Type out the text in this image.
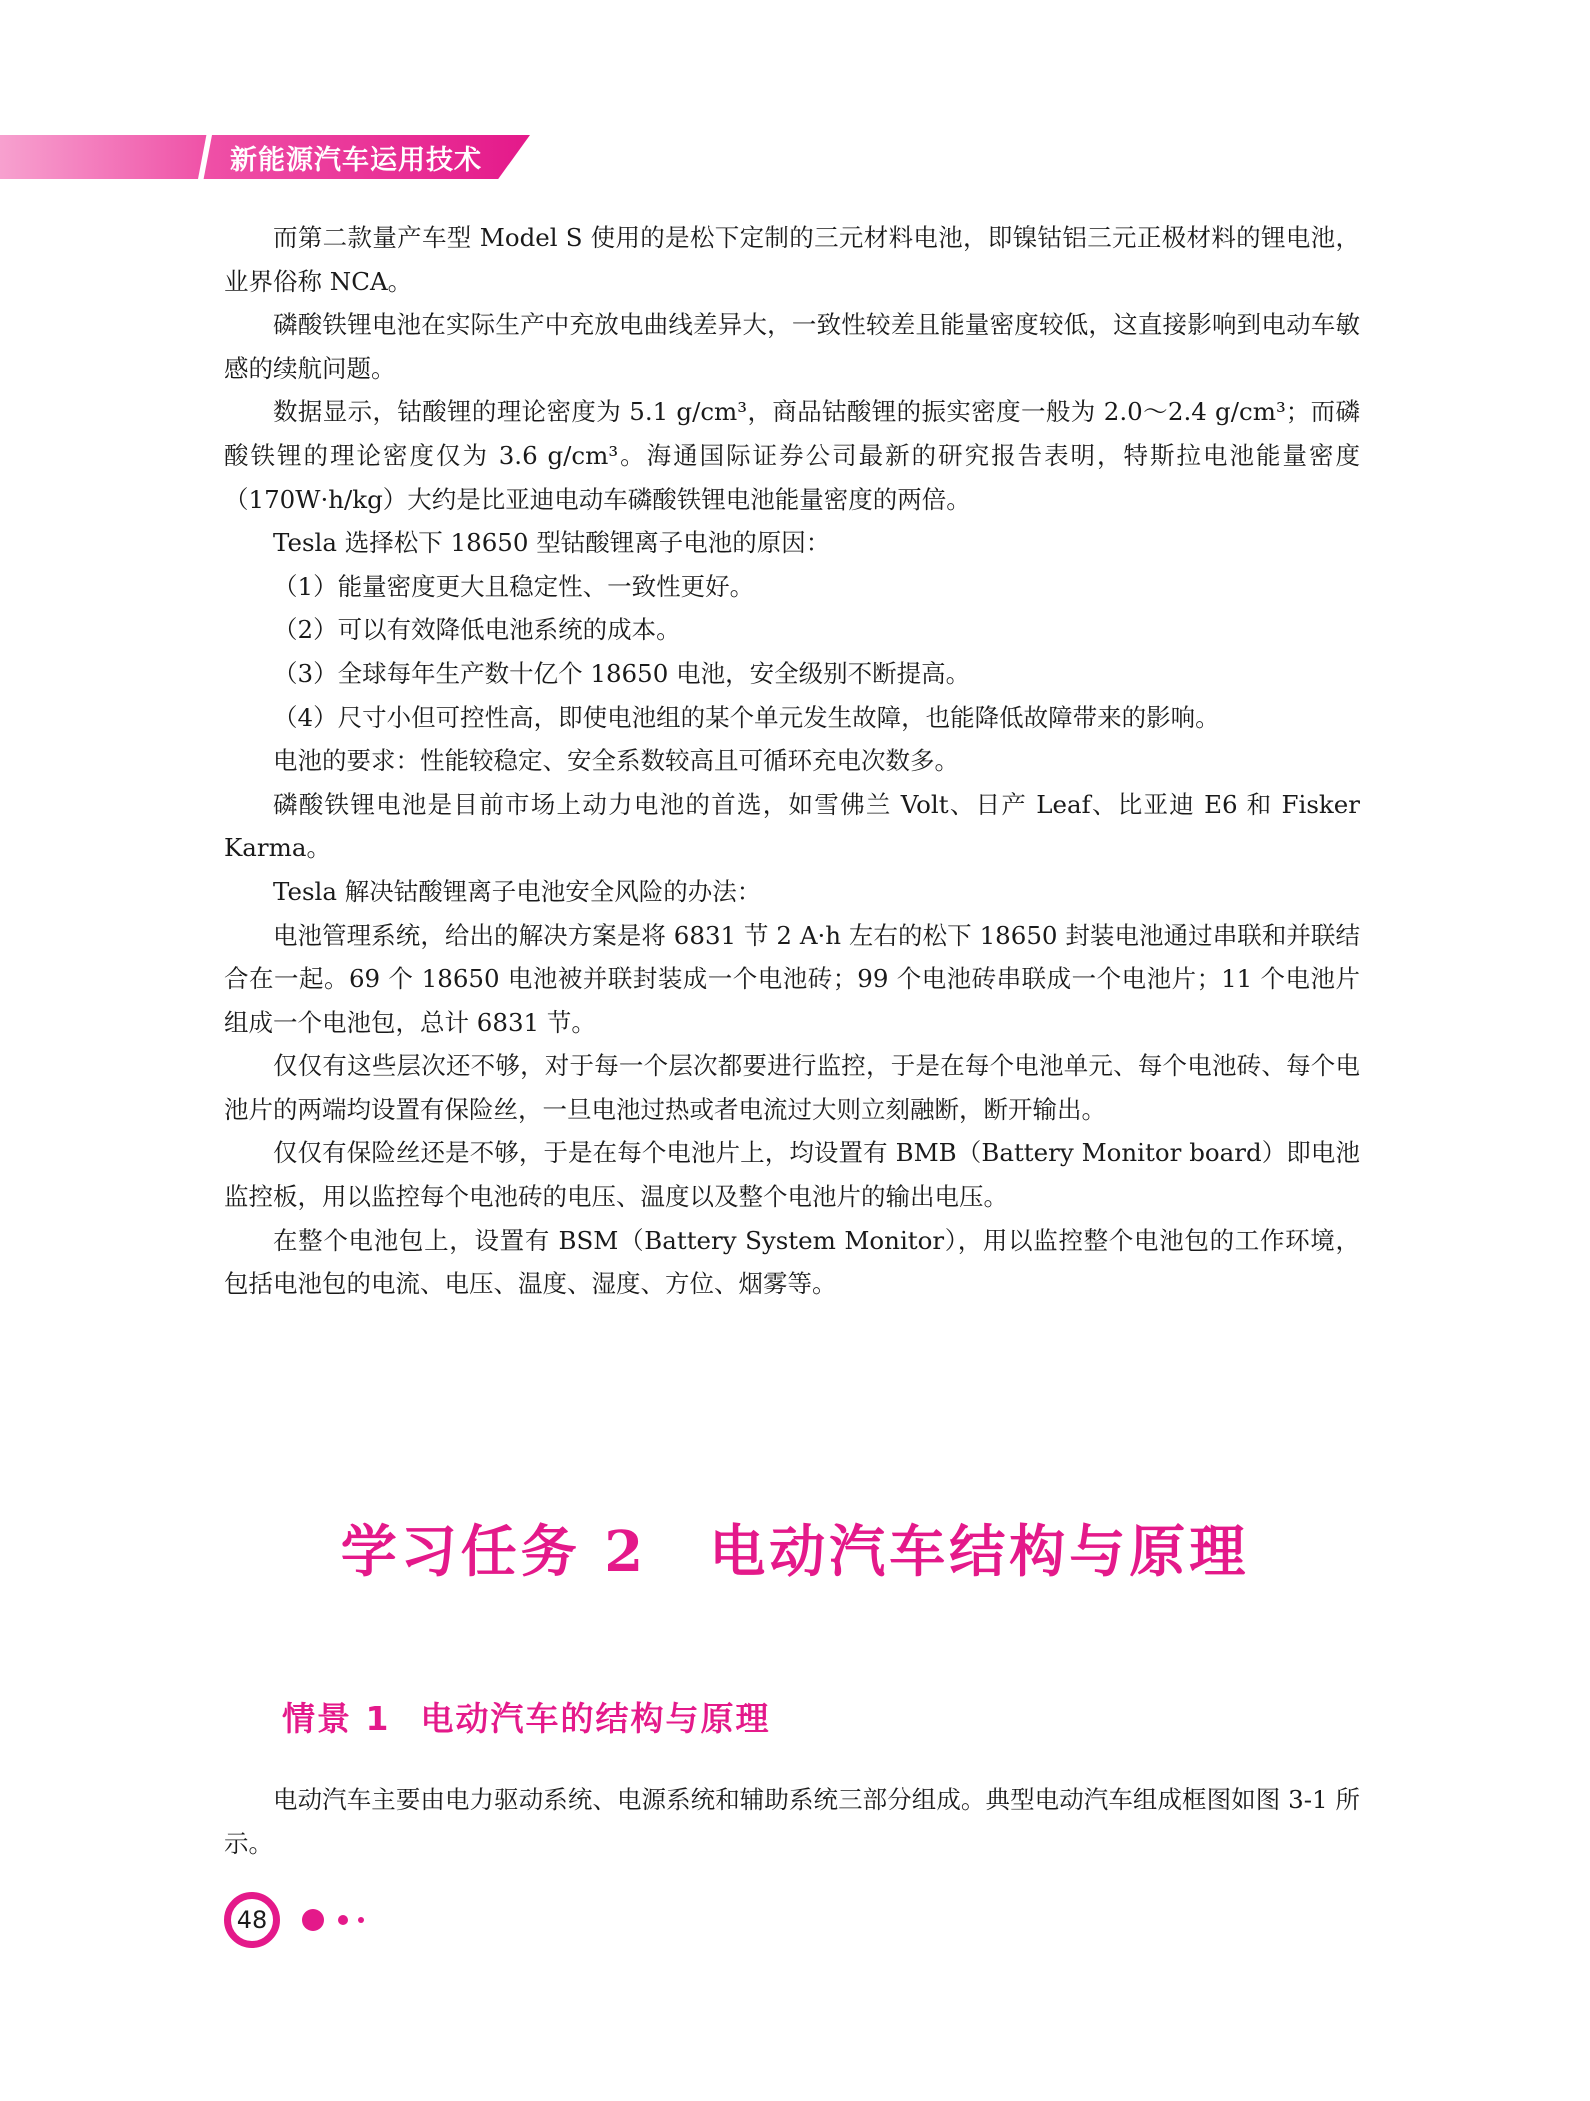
新能源汽车运用技术

而第二款量产车型 Model S 使用的是松下定制的三元材料电池，即镍钴铝三元正极材料的锂电池，业界俗称 NCA。

磷酸铁锂电池在实际生产中充放电曲线差异大，一致性较差且能量密度较低，这直接影响到电动车敏感的续航问题。

数据显示，钴酸锂的理论密度为 5.1 g/cm³，商品钴酸锂的振实密度一般为 2.0～2.4 g/cm³；而磷酸铁锂的理论密度仅为 3.6 g/cm³。海通国际证券公司最新的研究报告表明，特斯拉电池能量密度（170W·h/kg）大约是比亚迪电动车磷酸铁锂电池能量密度的两倍。

Tesla 选择松下 18650 型钴酸锂离子电池的原因：

（1）能量密度更大且稳定性、一致性更好。

（2）可以有效降低电池系统的成本。

（3）全球每年生产数十亿个 18650 电池，安全级别不断提高。

（4）尺寸小但可控性高，即使电池组的某个单元发生故障，也能降低故障带来的影响。

电池的要求：性能较稳定、安全系数较高且可循环充电次数多。

磷酸铁锂电池是目前市场上动力电池的首选，如雪佛兰 Volt、日产 Leaf、比亚迪 E6 和 Fisker Karma。

Tesla 解决钴酸锂离子电池安全风险的办法：

电池管理系统，给出的解决方案是将 6831 节 2 A·h 左右的松下 18650 封装电池通过串联和并联结合在一起。69 个 18650 电池被并联封装成一个电池砖；99 个电池砖串联成一个电池片；11 个电池片组成一个电池包，总计 6831 节。

仅仅有这些层次还不够，对于每一个层次都要进行监控，于是在每个电池单元、每个电池砖、每个电池片的两端均设置有保险丝，一旦电池过热或者电流过大则立刻融断，断开输出。

仅仅有保险丝还是不够，于是在每个电池片上，均设置有 BMB（Battery Monitor board）即电池监控板，用以监控每个电池砖的电压、温度以及整个电池片的输出电压。

在整个电池包上，设置有 BSM（Battery System Monitor），用以监控整个电池包的工作环境，包括电池包的电流、电压、温度、湿度、方位、烟雾等。

学习任务 2 电动汽车结构与原理
情景 1 电动汽车的结构与原理

电动汽车主要由电力驱动系统、电源系统和辅助系统三部分组成。典型电动汽车组成框图如图 3-1 所示。

48
